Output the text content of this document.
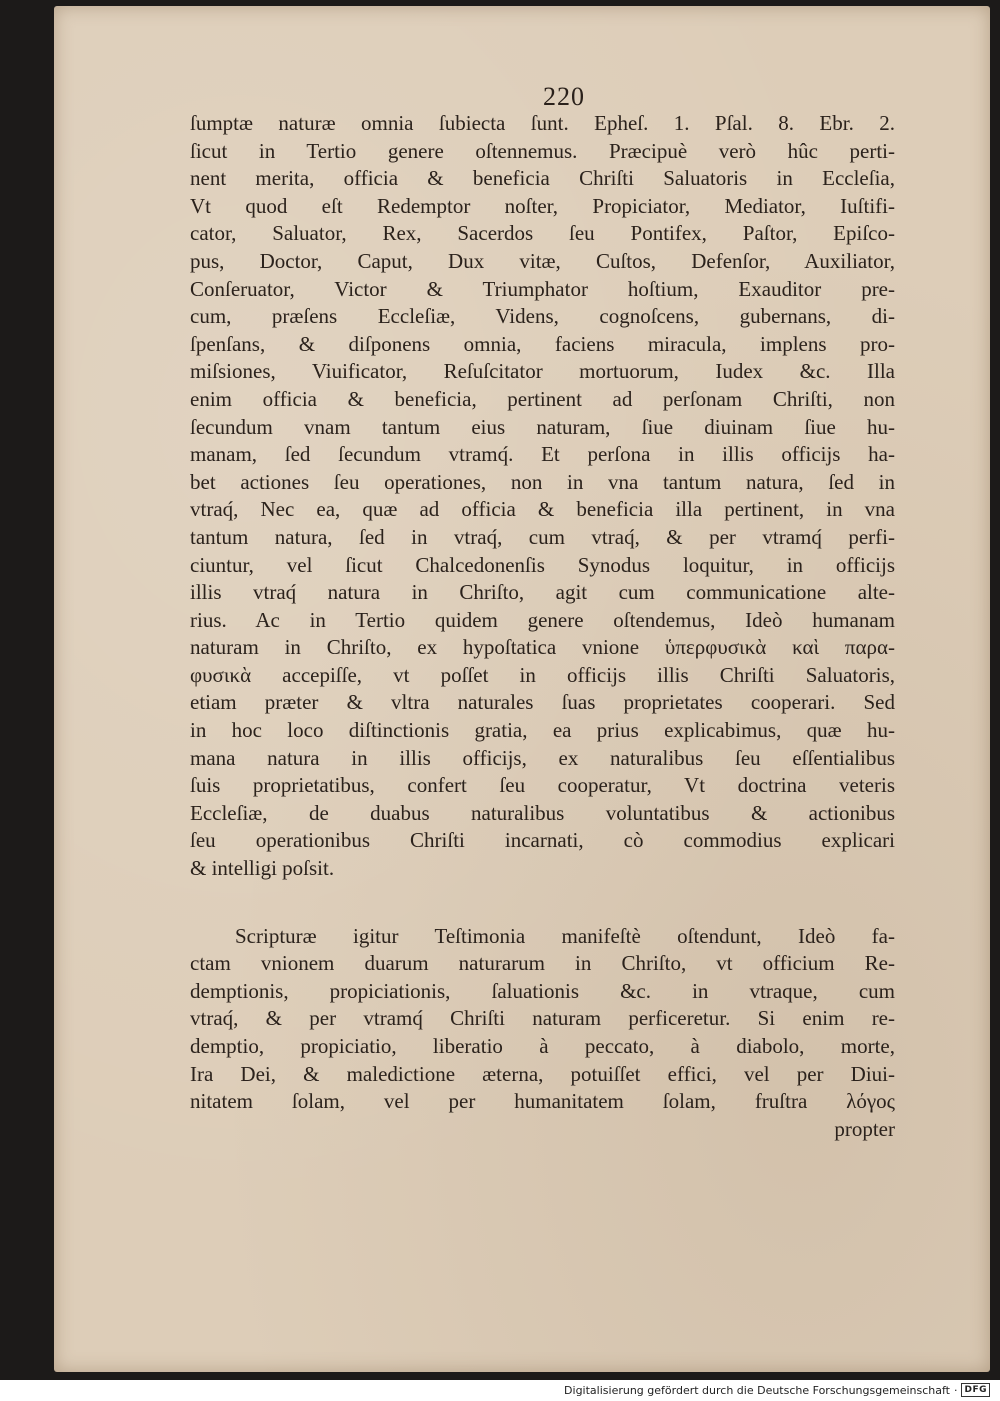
220
ſumptæ naturæ omnia ſubiecta ſunt. Epheſ. 1. Pſal. 8. Ebr. 2.
ſicut in Tertio genere oſtennemus. Præcipuè verò hûc perti-
nent merita, officia & beneficia Chriſti Saluatoris in Eccleſia,
Vt quod eſt Redemptor noſter, Propiciator, Mediator, Iuſtifi-
cator, Saluator, Rex, Sacerdos ſeu Pontifex, Paſtor, Epiſco-
pus, Doctor, Caput, Dux vitæ, Cuſtos, Defenſor, Auxiliator,
Conſeruator, Victor & Triumphator hoſtium, Exauditor pre-
cum, præſens Eccleſiæ, Videns, cognoſcens, gubernans, di-
ſpenſans, & diſponens omnia, faciens miracula, implens pro-
miſsiones, Viuificator, Reſuſcitator mortuorum, Iudex &c. Illa
enim officia & beneficia, pertinent ad perſonam Chriſti, non
ſecundum vnam tantum eius naturam, ſiue diuinam ſiue hu-
manam, ſed ſecundum vtramq́. Et perſona in illis officijs ha-
bet actiones ſeu operationes, non in vna tantum natura, ſed in
vtraq́, Nec ea, quæ ad officia & beneficia illa pertinent, in vna
tantum natura, ſed in vtraq́, cum vtraq́, & per vtramq́ perfi-
ciuntur, vel ſicut Chalcedonenſis Synodus loquitur, in officijs
illis vtraq́ natura in Chriſto, agit cum communicatione alte-
rius. Ac in Tertio quidem genere oſtendemus, Ideò humanam
naturam in Chriſto, ex hypoſtatica vnione ὑπερφυσικὰ καὶ παρα-
φυσικὰ accepiſſe, vt poſſet in officijs illis Chriſti Saluatoris,
etiam præter & vltra naturales ſuas proprietates cooperari. Sed
in hoc loco diſtinctionis gratia, ea prius explicabimus, quæ hu-
mana natura in illis officijs, ex naturalibus ſeu eſſentialibus
ſuis proprietatibus, confert ſeu cooperatur, Vt doctrina veteris
Eccleſiæ, de duabus naturalibus voluntatibus & actionibus
ſeu operationibus Chriſti incarnati, cò commodius explicari
& intelligi poſsit.
Scripturæ igitur Teſtimonia manifeſtè oſtendunt, Ideò fa-
ctam vnionem duarum naturarum in Chriſto, vt officium Re-
demptionis, propiciationis, ſaluationis &c. in vtraque, cum
vtraq́, & per vtramq́ Chriſti naturam perficeretur. Si enim re-
demptio, propiciatio, liberatio à peccato, à diabolo, morte,
Ira Dei, & maledictione æterna, potuiſſet effici, vel per Diui-
nitatem ſolam, vel per humanitatem ſolam, fruſtra λόγος
propter
Digitalisierung gefördert durch die Deutsche Forschungsgemeinschaft · DFG
